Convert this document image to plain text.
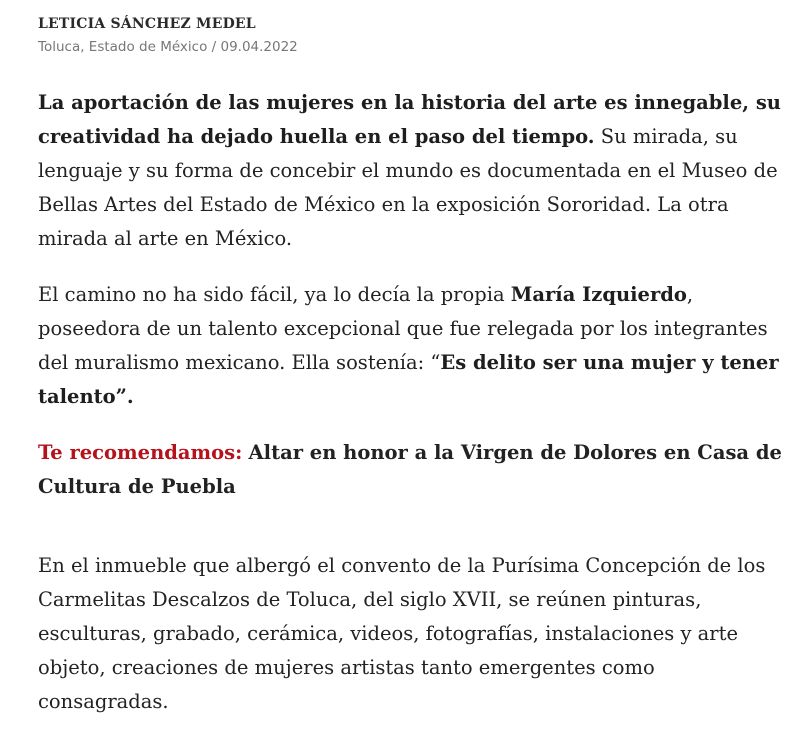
LETICIA SÁNCHEZ MEDEL
Toluca, Estado de México / 09.04.2022

La aportación de las mujeres en la historia del arte es innegable, su creatividad ha dejado huella en el paso del tiempo. Su mirada, su lenguaje y su forma de concebir el mundo es documentada en el Museo de Bellas Artes del Estado de México en la exposición Sororidad. La otra mirada al arte en México.

El camino no ha sido fácil, ya lo decía la propia María Izquierdo, poseedora de un talento excepcional que fue relegada por los integrantes del muralismo mexicano. Ella sostenía: “Es delito ser una mujer y tener talento”.

Te recomendamos: Altar en honor a la Virgen de Dolores en Casa de Cultura de Puebla

En el inmueble que albergó el convento de la Purísima Concepción de los Carmelitas Descalzos de Toluca, del siglo XVII, se reúnen pinturas, esculturas, grabado, cerámica, videos, fotografías, instalaciones y arte objeto, creaciones de mujeres artistas tanto emergentes como consagradas.
